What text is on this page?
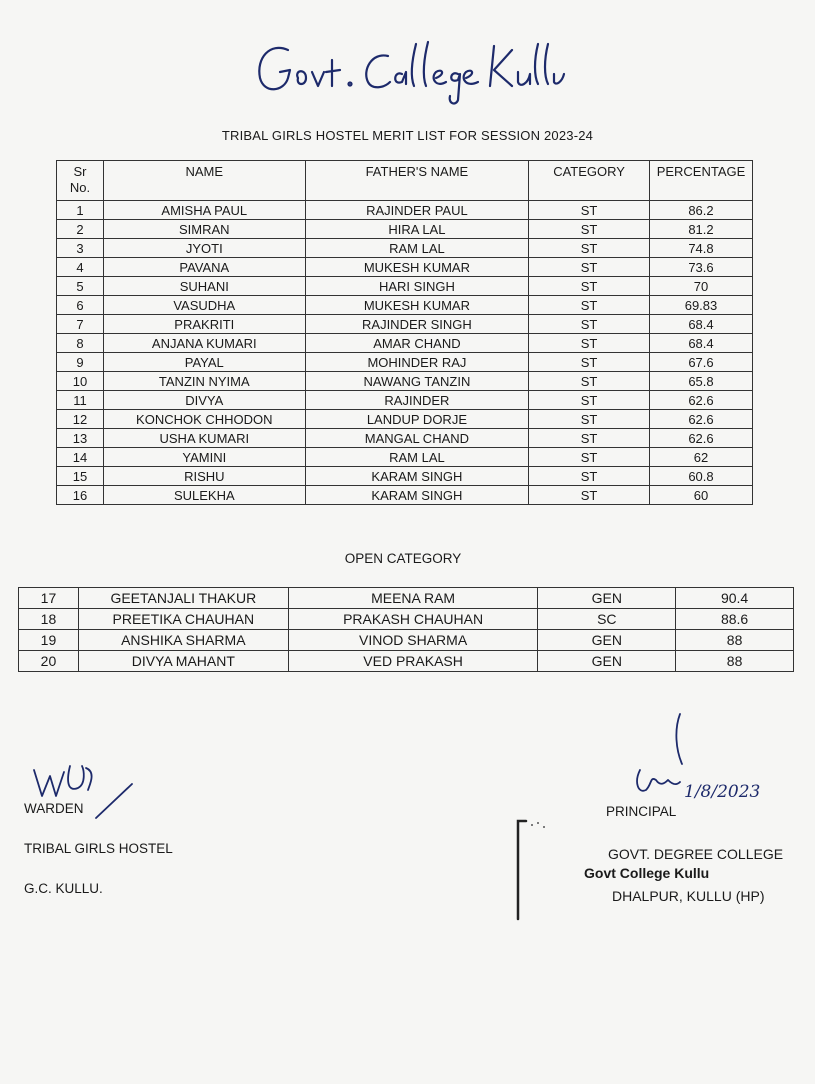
TRIBAL GIRLS HOSTEL MERIT LIST FOR SESSION 2023-24
Sr No.	NAME	FATHER'S NAME	CATEGORY	PERCENTAGE
1	AMISHA PAUL	RAJINDER PAUL	ST	86.2
2	SIMRAN	HIRA LAL	ST	81.2
3	JYOTI	RAM LAL	ST	74.8
4	PAVANA	MUKESH KUMAR	ST	73.6
5	SUHANI	HARI SINGH	ST	70
6	VASUDHA	MUKESH KUMAR	ST	69.83
7	PRAKRITI	RAJINDER SINGH	ST	68.4
8	ANJANA KUMARI	AMAR CHAND	ST	68.4
9	PAYAL	MOHINDER RAJ	ST	67.6
10	TANZIN NYIMA	NAWANG TANZIN	ST	65.8
11	DIVYA	RAJINDER	ST	62.6
12	KONCHOK CHHODON	LANDUP DORJE	ST	62.6
13	USHA KUMARI	MANGAL CHAND	ST	62.6
14	YAMINI	RAM LAL	ST	62
15	RISHU	KARAM SINGH	ST	60.8
16	SULEKHA	KARAM SINGH	ST	60
OPEN CATEGORY
17	GEETANJALI THAKUR	MEENA RAM	GEN	90.4
18	PREETIKA CHAUHAN	PRAKASH CHAUHAN	SC	88.6
19	ANSHIKA SHARMA	VINOD SHARMA	GEN	88
20	DIVYA MAHANT	VED PRAKASH	GEN	88
WARDEN
TRIBAL GIRLS HOSTEL
G.C. KULLU.
1/8/2023
PRINCIPAL
GOVT. DEGREE COLLEGE
Govt College Kullu
DHALPUR, KULLU (HP)
